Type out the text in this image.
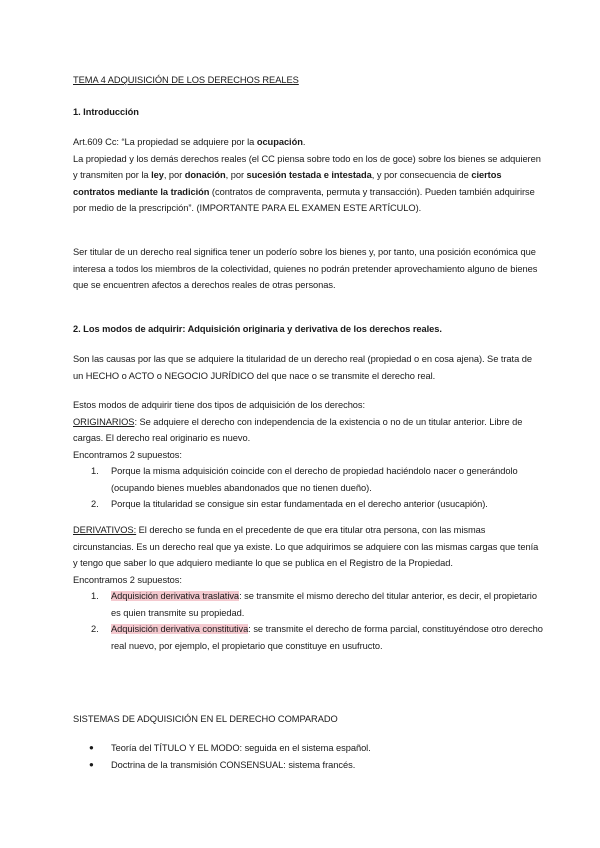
TEMA 4 ADQUISICIÓN DE LOS DERECHOS REALES
1. Introducción
Art.609 Cc: “La propiedad se adquiere por la ocupación.
La propiedad y los demás derechos reales (el CC piensa sobre todo en los de goce) sobre los bienes se adquieren y transmiten por la ley, por donación, por sucesión testada e intestada, y por consecuencia de ciertos contratos mediante la tradición (contratos de compraventa, permuta y transacción). Pueden también adquirirse por medio de la prescripción”. (IMPORTANTE PARA EL EXAMEN ESTE ARTÍCULO).
Ser titular de un derecho real significa tener un poderío sobre los bienes y, por tanto, una posición económica que interesa a todos los miembros de la colectividad, quienes no podrán pretender aprovechamiento alguno de bienes que se encuentren afectos a derechos reales de otras personas.
2. Los modos de adquirir: Adquisición originaria y derivativa de los derechos reales.
Son las causas por las que se adquiere la titularidad de un derecho real (propiedad o en cosa ajena). Se trata de un HECHO o ACTO o NEGOCIO JURÍDICO del que nace o se transmite el derecho real.
Estos modos de adquirir tiene dos tipos de adquisición de los derechos:
ORIGINARIOS: Se adquiere el derecho con independencia de la existencia o no de un titular anterior. Libre de cargas. El derecho real originario es nuevo.
Encontramos 2 supuestos:
1. Porque la misma adquisición coincide con el derecho de propiedad haciéndolo nacer o generándolo (ocupando bienes muebles abandonados que no tienen dueño).
2. Porque la titularidad se consigue sin estar fundamentada en el derecho anterior (usucapión).
DERIVATIVOS: El derecho se funda en el precedente de que era titular otra persona, con las mismas circunstancias. Es un derecho real que ya existe. Lo que adquirimos se adquiere con las mismas cargas que tenía y tengo que saber lo que adquiero mediante lo que se publica en el Registro de la Propiedad.
Encontramos 2 supuestos:
1. Adquisición derivativa traslativa: se transmite el mismo derecho del titular anterior, es decir, el propietario es quien transmite su propiedad.
2. Adquisición derivativa constitutiva: se transmite el derecho de forma parcial, constituyéndose otro derecho real nuevo, por ejemplo, el propietario que constituye en usufructo.
SISTEMAS DE ADQUISICIÓN EN EL DERECHO COMPARADO
● Teoría del TÍTULO Y EL MODO: seguida en el sistema español.
● Doctrina de la transmisión CONSENSUAL: sistema francés.
